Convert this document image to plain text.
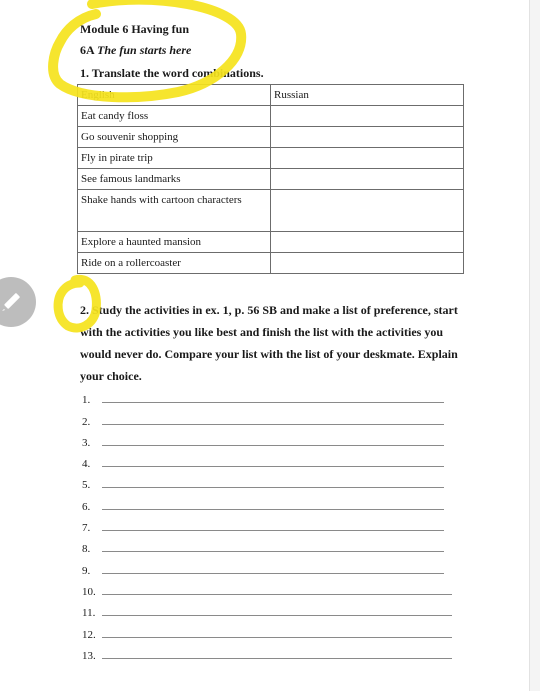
Module 6 Having fun
6A The fun starts here
1. Translate the word combinations.
English	Russian
Eat candy floss	
Go souvenir shopping	
Fly in pirate trip	
See famous landmarks	
Shake hands with cartoon characters	
Explore a haunted mansion	
Ride on a rollercoaster	
2. Study the activities in ex. 1, p. 56 SB and make a list of preference, start with the activities you like best and finish the list with the activities you would never do. Compare your list with the list of your deskmate. Explain your choice.
1.
2.
3.
4.
5.
6.
7.
8.
9.
10.
11.
12.
13.
